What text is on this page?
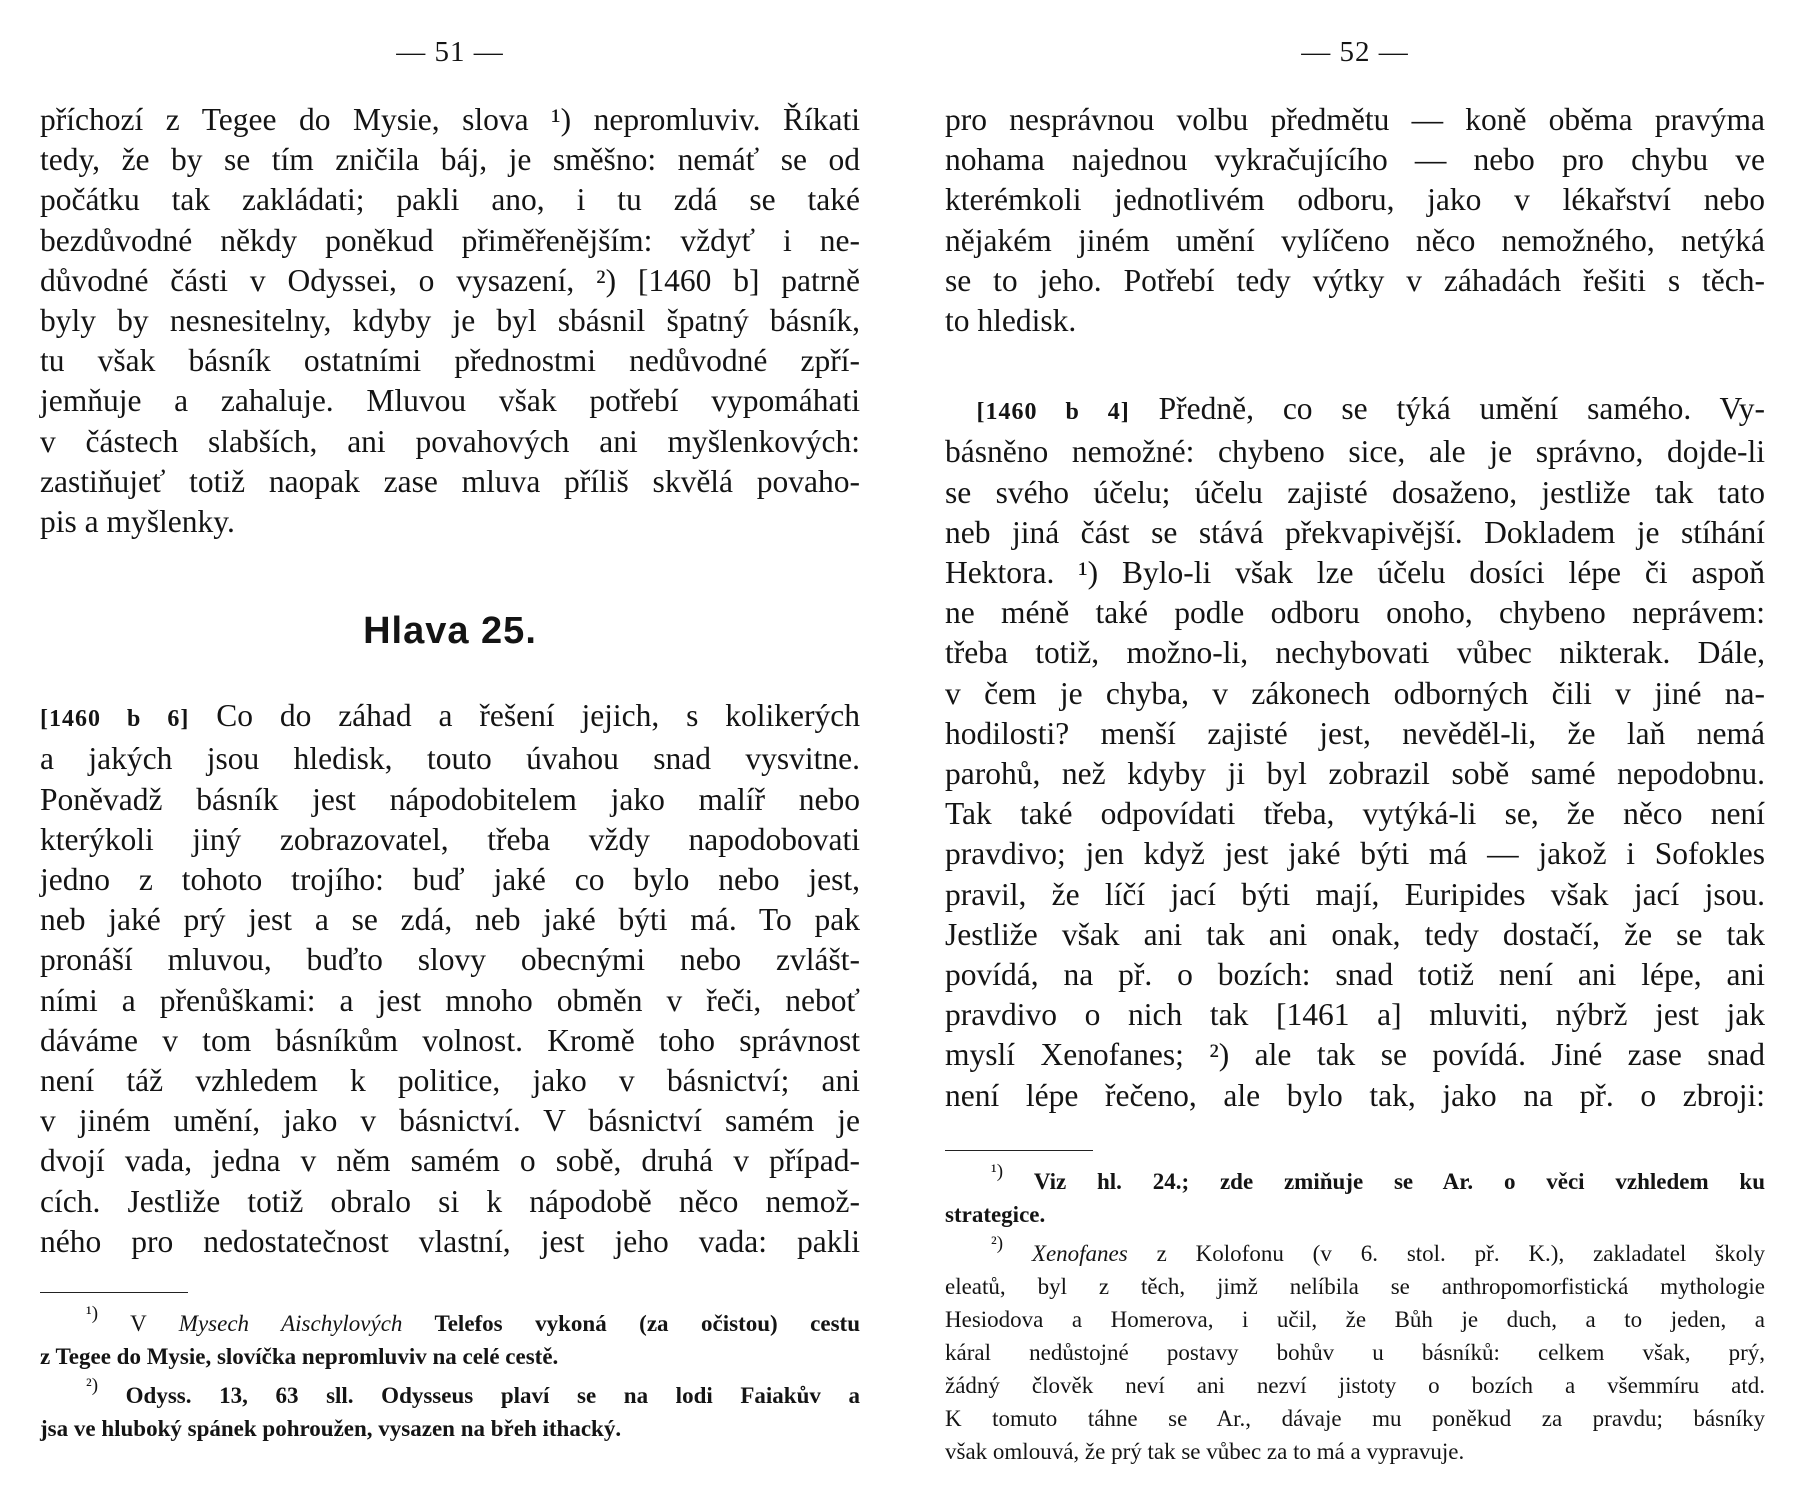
— 51 —
příchozí z Tegee do Mysie, slova ¹) nepromluviv. Říkati
tedy, že by se tím zničila báj, je směšno: nemáť se od
počátku tak zakládati; pakli ano, i tu zdá se také
bezdůvodné někdy poněkud přiměřenějším: vždyť i ne-
důvodné části v Odyssei, o vysazení, ²) [1460 b] patrně
byly by nesnesitelny, kdyby je byl sbásnil špatný básník,
tu však básník ostatními přednostmi nedůvodné zpří-
jemňuje a zahaluje. Mluvou však potřebí vypomáhati
v částech slabších, ani povahových ani myšlenkových:
zastiňujeť totiž naopak zase mluva příliš skvělá povaho-
pis a myšlenky.
Hlava 25.
[1460 b 6] Co do záhad a řešení jejich, s kolikerých
a jakých jsou hledisk, touto úvahou snad vysvitne.
Poněvadž básník jest nápodobitelem jako malíř nebo
kterýkoli jiný zobrazovatel, třeba vždy napodobovati
jedno z tohoto trojího: buď jaké co bylo nebo jest,
neb jaké prý jest a se zdá, neb jaké býti má. To pak
pronáší mluvou, buďto slovy obecnými nebo zvlášt-
ními a přenůškami: a jest mnoho obměn v řeči, neboť
dáváme v tom básníkům volnost. Kromě toho správnost
není táž vzhledem k politice, jako v básnictví; ani
v jiném umění, jako v básnictví. V básnictví samém je
dvojí vada, jedna v něm samém o sobě, druhá v případ-
cích. Jestliže totiž obralo si k nápodobě něco nemož-
ného pro nedostatečnost vlastní, jest jeho vada: pakli
  $^{^1)}$ V Mysech Aischylových Telefos vykoná (za očistou) cestu
z Tegee do Mysie, slovíčka nepromluviv na celé cestě.
  $^{^2)}$ Odyss. 13, 63 sll. Odysseus plaví se na lodi Faiakův a
jsa ve hluboký spánek pohroužen, vysazen na břeh ithacký.
— 52 —
pro nesprávnou volbu předmětu — koně oběma pravýma
nohama najednou vykračujícího — nebo pro chybu ve
kterémkoli jednotlivém odboru, jako v lékařství nebo
nějakém jiném umění vylíčeno něco nemožného, netýká
se to jeho. Potřebí tedy výtky v záhadách řešiti s těch-
to hledisk.
 [1460 b 4] Předně, co se týká umění samého. Vy-
básněno nemožné: chybeno sice, ale je správno, dojde-li
se svého účelu; účelu zajisté dosaženo, jestliže tak tato
neb jiná část se stává překvapivější. Dokladem je stíhání
Hektora. ¹) Bylo-li však lze účelu dosíci lépe či aspoň
ne méně také podle odboru onoho, chybeno neprávem:
třeba totiž, možno-li, nechybovati vůbec nikterak. Dále,
v čem je chyba, v zákonech odborných čili v jiné na-
hodilosti? menší zajisté jest, nevěděl-li, že laň nemá
parohů, než kdyby ji byl zobrazil sobě samé nepodobnu.
Tak také odpovídati třeba, vytýká-li se, že něco není
pravdivo; jen když jest jaké býti má — jakož i Sofokles
pravil, že líčí jací býti mají, Euripides však jací jsou.
Jestliže však ani tak ani onak, tedy dostačí, že se tak
povídá, na př. o bozích: snad totiž není ani lépe, ani
pravdivo o nich tak [1461 a] mluviti, nýbrž jest jak
myslí Xenofanes; ²) ale tak se povídá. Jiné zase snad
není lépe řečeno, ale bylo tak, jako na př. o zbroji:
  $^{^1)}$ Viz hl. 24.; zde zmiňuje se Ar. o věci vzhledem ku
strategice.
  $^{^2)}$ Xenofanes z Kolofonu (v 6. stol. př. K.), zakladatel školy
eleatů, byl z těch, jimž nelíbila se anthropomorfistická mythologie
Hesiodova a Homerova, i učil, že Bůh je duch, a to jeden, a
káral nedůstojné postavy bohův u básníků: celkem však, prý,
žádný člověk neví ani nezví jistoty o bozích a všemmíru atd.
K tomuto táhne se Ar., dávaje mu poněkud za pravdu; básníky
však omlouvá, že prý tak se vůbec za to má a vypravuje.
